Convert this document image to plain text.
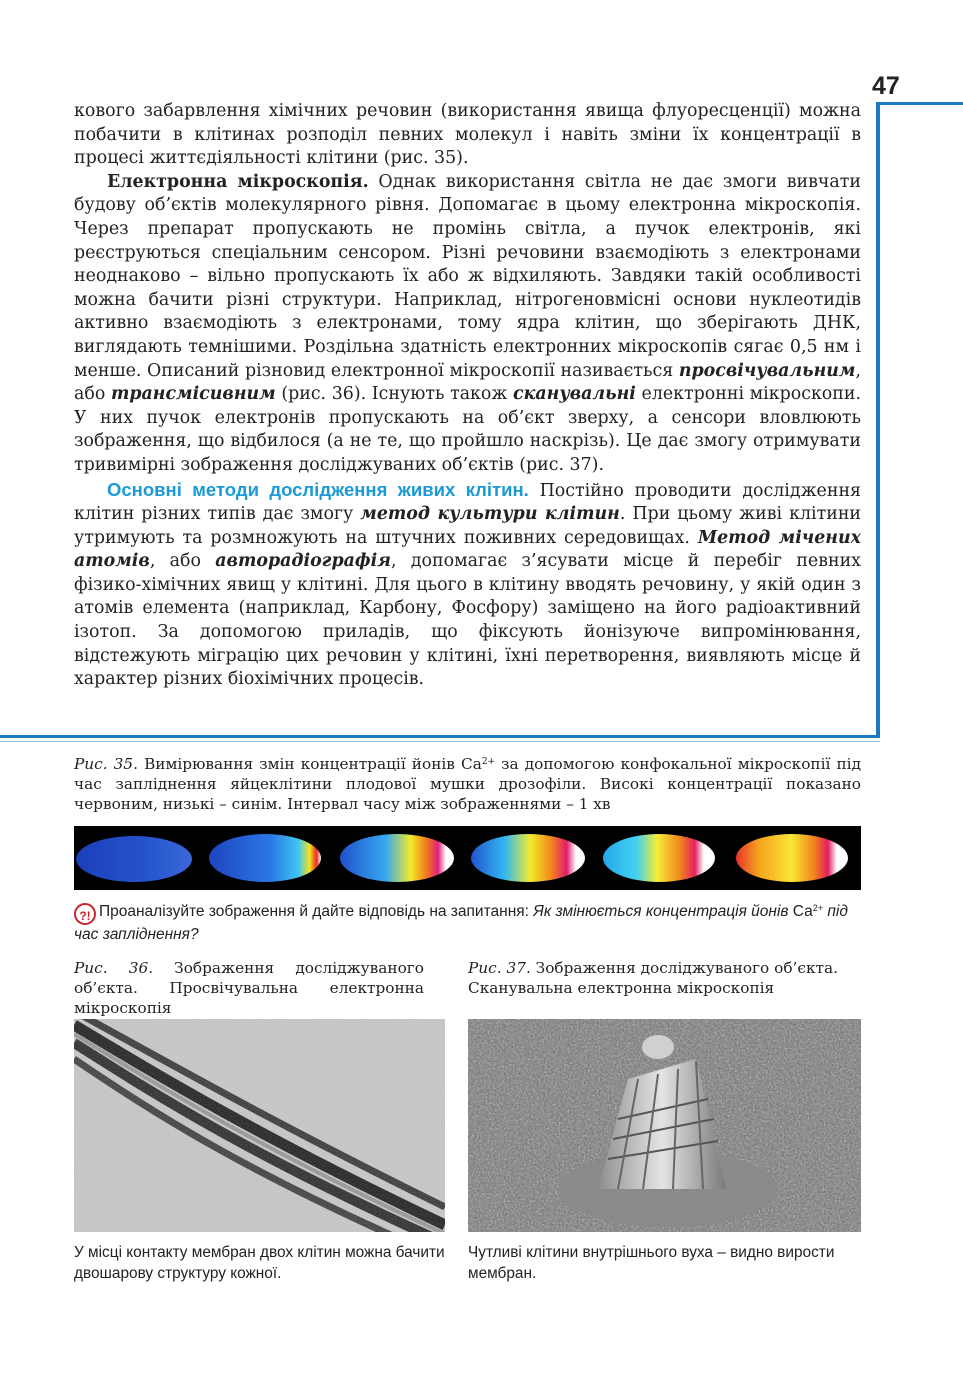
47

кового забарвлення хімічних речовин (використання явища флуоресценції) можна побачити в клітинах розподіл певних молекул і навіть зміни їх концентрації в процесі життєдіяльності клітини (рис. 35).

Електронна мікроскопія. Однак використання світла не дає змоги вивчати будову об’єктів молекулярного рівня. Допомагає в цьому електронна мікроскопія. Через препарат пропускають не промінь світла, а пучок електронів, які реєструються спеціальним сенсором. Різні речовини взаємодіють з електронами неоднаково – вільно пропускають їх або ж відхиляють. Завдяки такій особливості можна бачити різні структури. Наприклад, нітрогеновмісні основи нуклеотидів активно взаємодіють з електронами, тому ядра клітин, що зберігають ДНК, виглядають темнішими. Роздільна здатність електронних мікроскопів сягає 0,5 нм і менше. Описаний різновид електронної мікроскопії називається просвічувальним, або трансмісивним (рис. 36). Існують також сканувальні електронні мікроскопи. У них пучок електронів пропускають на об’єкт зверху, а сенсори вловлюють зображення, що відбилося (а не те, що пройшло наскрізь). Це дає змогу отримувати тривимірні зображення досліджуваних об’єктів (рис. 37).

Основні методи дослідження живих клітин. Постійно проводити дослідження клітин різних типів дає змогу метод культури клітин. При цьому живі клітини утримують та розмножують на штучних поживних середовищах. Метод мічених атомів, або авторадіографія, допомагає з’ясувати місце й перебіг певних фізико-хімічних явищ у клітині. Для цього в клітину вводять речовину, у якій один з атомів елемента (наприклад, Карбону, Фосфору) заміщено на його радіоактивний ізотоп. За допомогою приладів, що фіксують йонізуюче випромінювання, відстежують міграцію цих речовин у клітині, їхні перетворення, виявляють місце й характер різних біохімічних процесів.

Рис. 35. Вимірювання змін концентрації йонів $Са^{2+}$ за допомогою конфокальної мікроскопії під час запліднення яйцеклітини плодової мушки дрозофіли. Високі концентрації показано червоним, низькі – синім. Інтервал часу між зображеннями – 1 хв
?! Проаналізуйте зображення й дайте відповідь на запитання: Як змінюється концентрація йонів $Са^{2+}$ під час запліднення?
Рис. 36. Зображення досліджуваного об’єкта. Просвічувальна електронна мікроскопія
Рис. 37. Зображення досліджуваного об’єкта. Сканувальна електронна мікроскопія
У місці контакту мембран двох клітин можна бачити двошарову структуру кожної.
Чутливі клітини внутрішнього вуха – видно вирости мембран.
